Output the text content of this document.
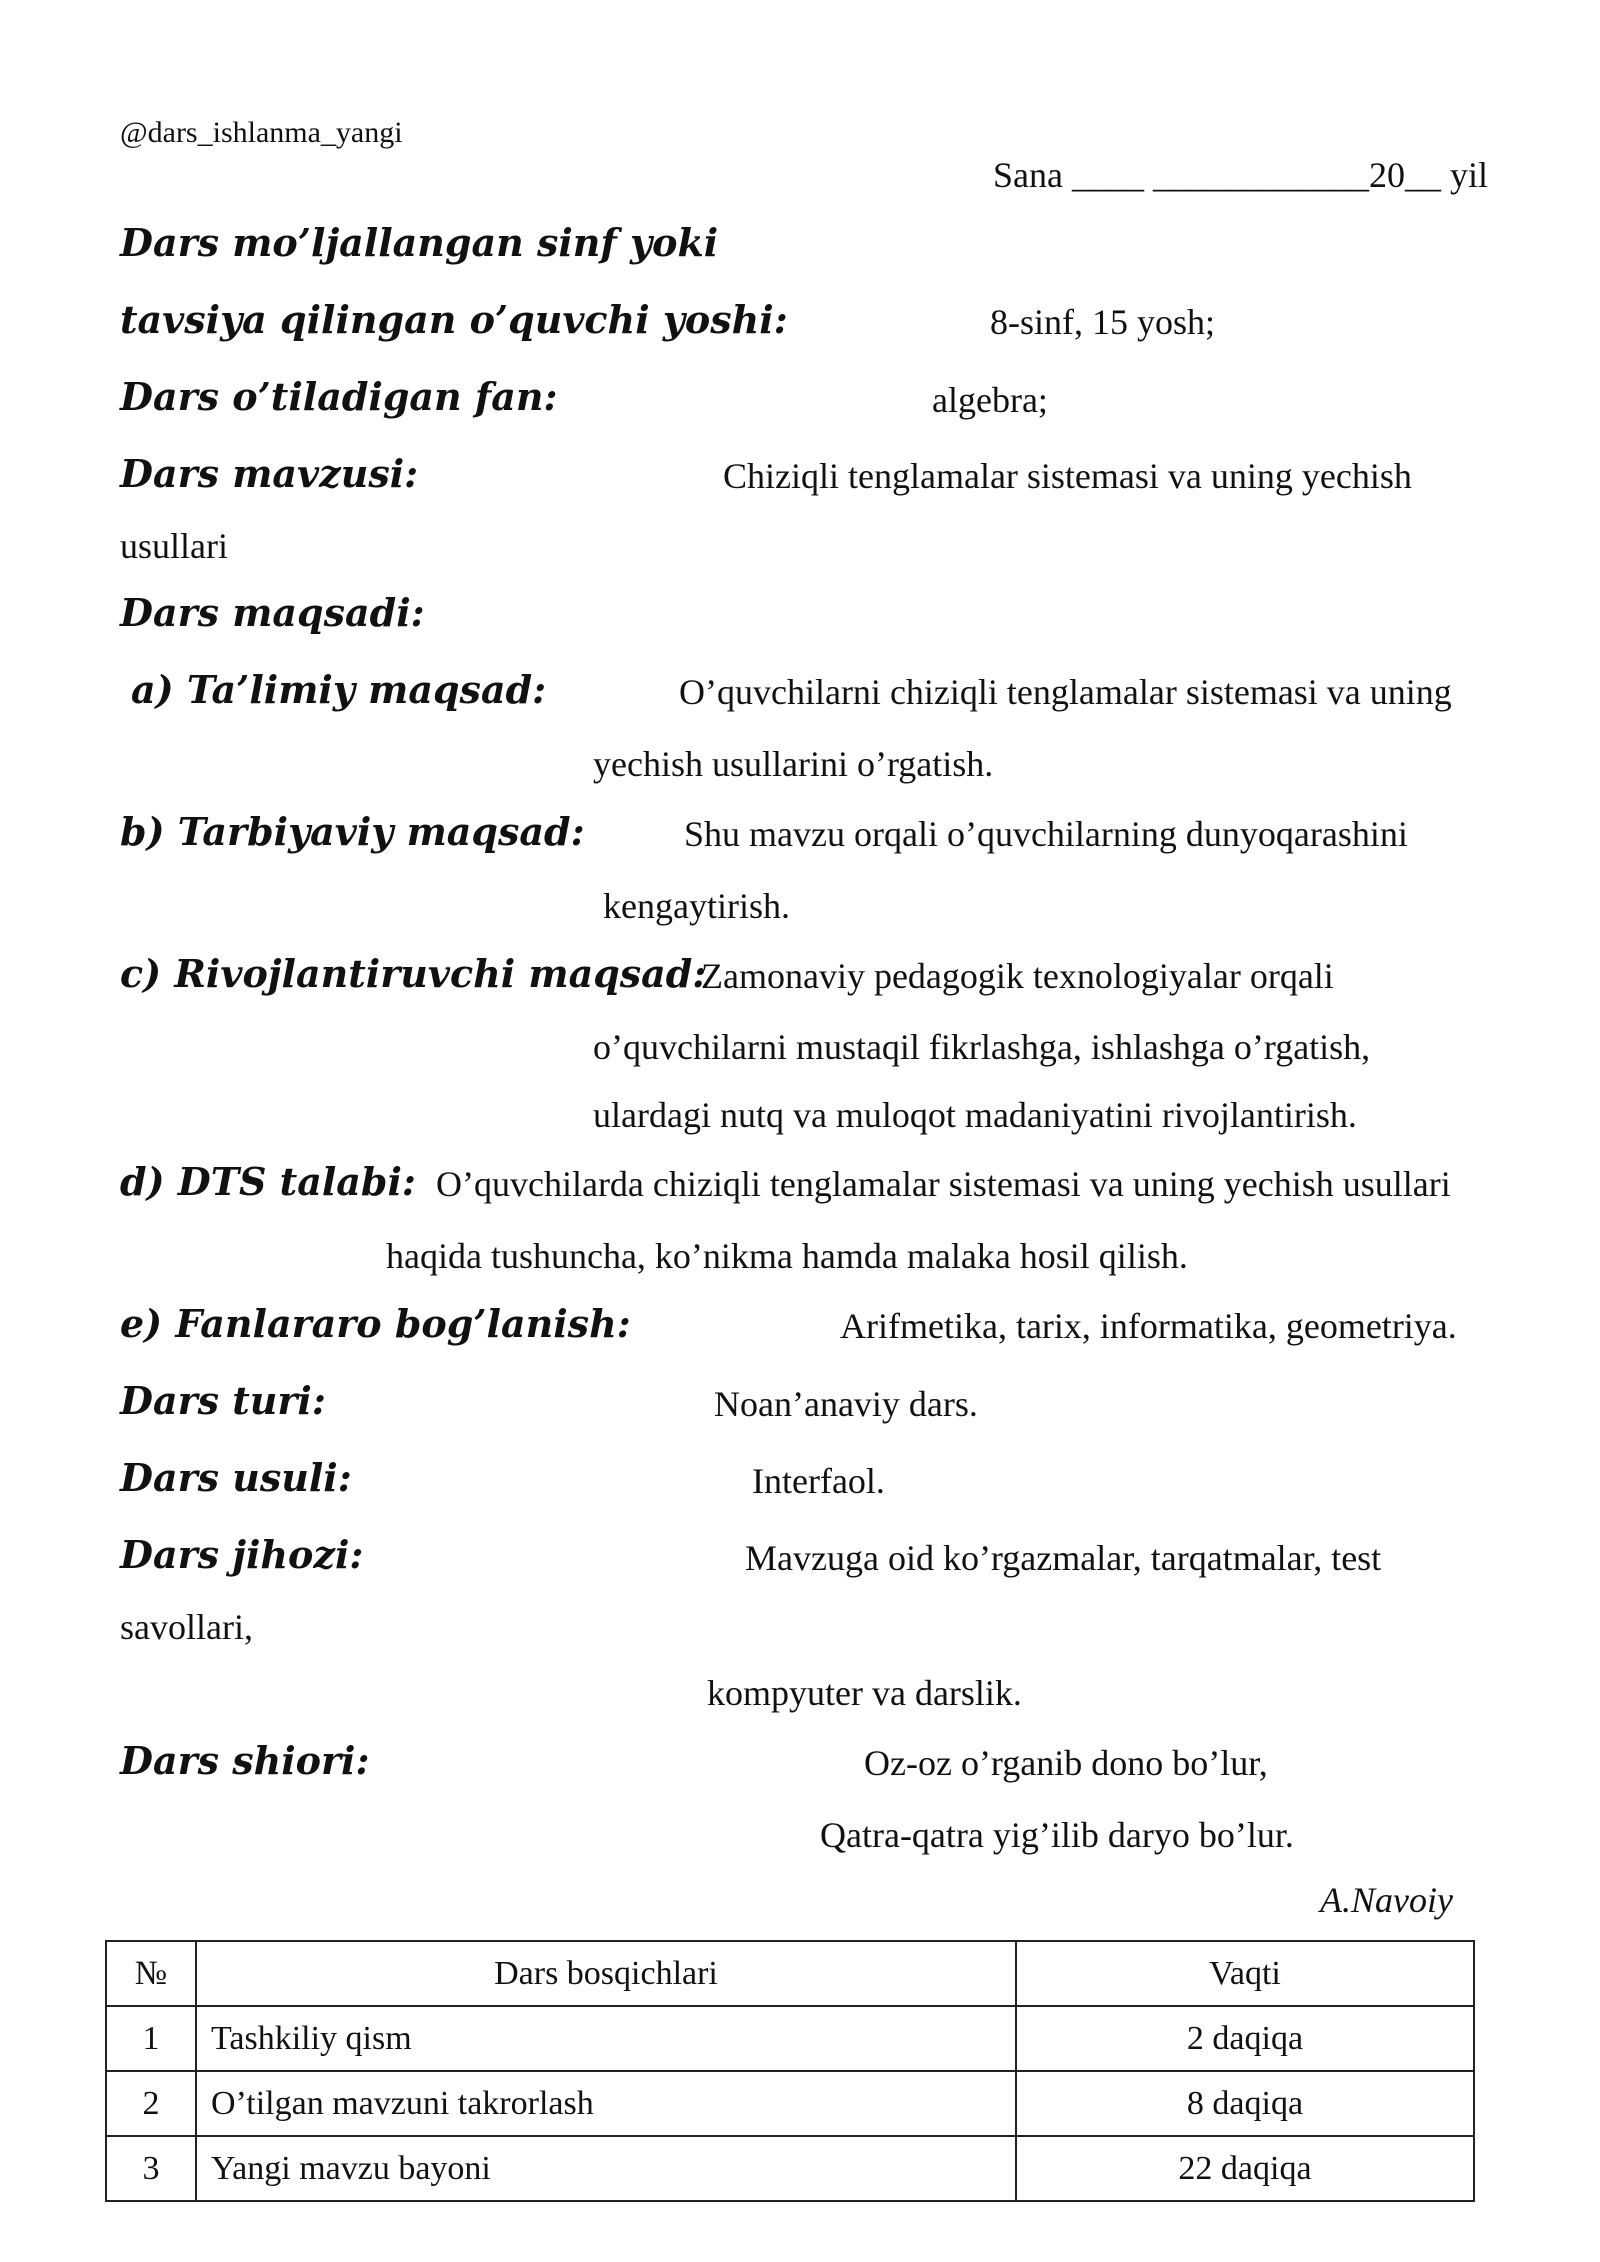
@dars_ishlanma_yangi
Sana ____ ____________20__ yil
Dars mo’ljallangan sinf yoki
tavsiya qilingan o’quvchi yoshi:	8-sinf, 15 yosh;
Dars o’tiladigan fan:	algebra;
Dars mavzusi:	Chiziqli tenglamalar sistemasi va uning yechish
usullari
Dars maqsadi:
a) Ta’limiy maqsad:	O’quvchilarni chiziqli tenglamalar sistemasi va uning
yechish usullarini o’rgatish.
b) Tarbiyaviy maqsad:	Shu mavzu orqali o’quvchilarning dunyoqarashini
kengaytirish.
c) Rivojlantiruvchi maqsad:
Zamonaviy pedagogik texnologiyalar orqali
o’quvchilarni mustaqil fikrlashga, ishlashga o’rgatish,
ulardagi nutq va muloqot madaniyatini rivojlantirish.
d) DTS talabi: O’quvchilarda chiziqli tenglamalar sistemasi va uning yechish usullari
haqida tushuncha, ko’nikma hamda malaka hosil qilish.
e) Fanlararo bog’lanish:	Arifmetika, tarix, informatika, geometriya.
Dars turi:	Noan’anaviy dars.
Dars usuli:	Interfaol.
Dars jihozi:	Mavzuga oid ko’rgazmalar, tarqatmalar, test
savollari,
kompyuter va darslik.
Dars shiori:	Oz-oz o’rganib dono bo’lur,
Qatra-qatra yig’ilib daryo bo’lur.
A.Navoiy
№	Dars bosqichlari	Vaqti
1	Tashkiliy qism	2 daqiqa
2	O’tilgan mavzuni takrorlash	8 daqiqa
3	Yangi mavzu bayoni	22 daqiqa
